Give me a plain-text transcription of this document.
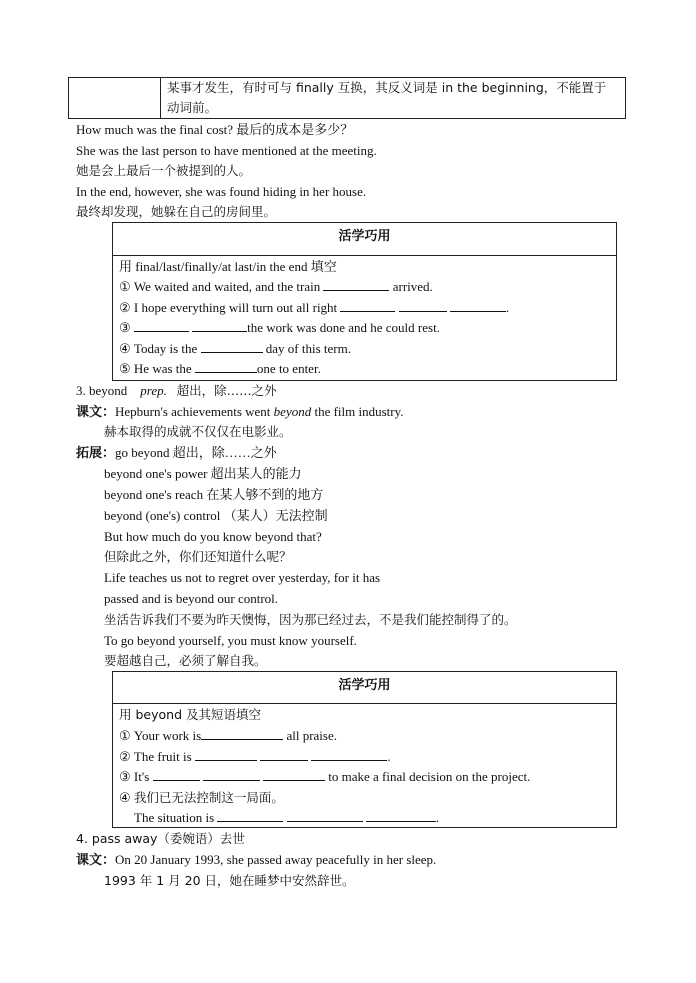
某事才发生，有时可与 finally 互换，其反义词是 in the beginning，不能置于
动词前。
How much was the final cost? 最后的成本是多少？
She was the last person to have mentioned at the meeting.
她是会上最后一个被提到的人。
In the end, however, she was found hiding in her house.
最终却发现，她躲在自己的房间里。
活学巧用
用 final/last/finally/at last/in the end 填空
① We waited and waited, and the train	arrived.
② I hope everything will turn out all right	.
③	the work was done and he could rest.
④ Today is the	day of this term.
⑤ He was the	one to enter.
3. beyond prep. 超出，除……之外
课文：Hepburn's achievements went beyond the film industry.
赫本取得的成就不仅仅在电影业。
拓展：go beyond 超出，除……之外
beyond one's power 超出某人的能力
beyond one's reach 在某人够不到的地方
beyond (one's) control （某人）无法控制
But how much do you know beyond that?
但除此之外，你们还知道什么呢？
Life teaches us not to regret over yesterday, for it has
passed and is beyond our control.
坐活告诉我们不要为昨天懊悔，因为那已经过去，不是我们能控制得了的。
To go beyond yourself, you must know yourself.
要超越自己，必须了解自我。
活学巧用
用 beyond 及其短语填空
① Your work is	all praise.
② The fruit is	.
③ It's	to make a final decision on the project.
④ 我们已无法控制这一局面。
The situation is	.
4. pass away（委婉语）去世
课文：On 20 January 1993, she passed away peacefully in her sleep.
1993 年 1 月 20 日，她在睡梦中安然辞世。
